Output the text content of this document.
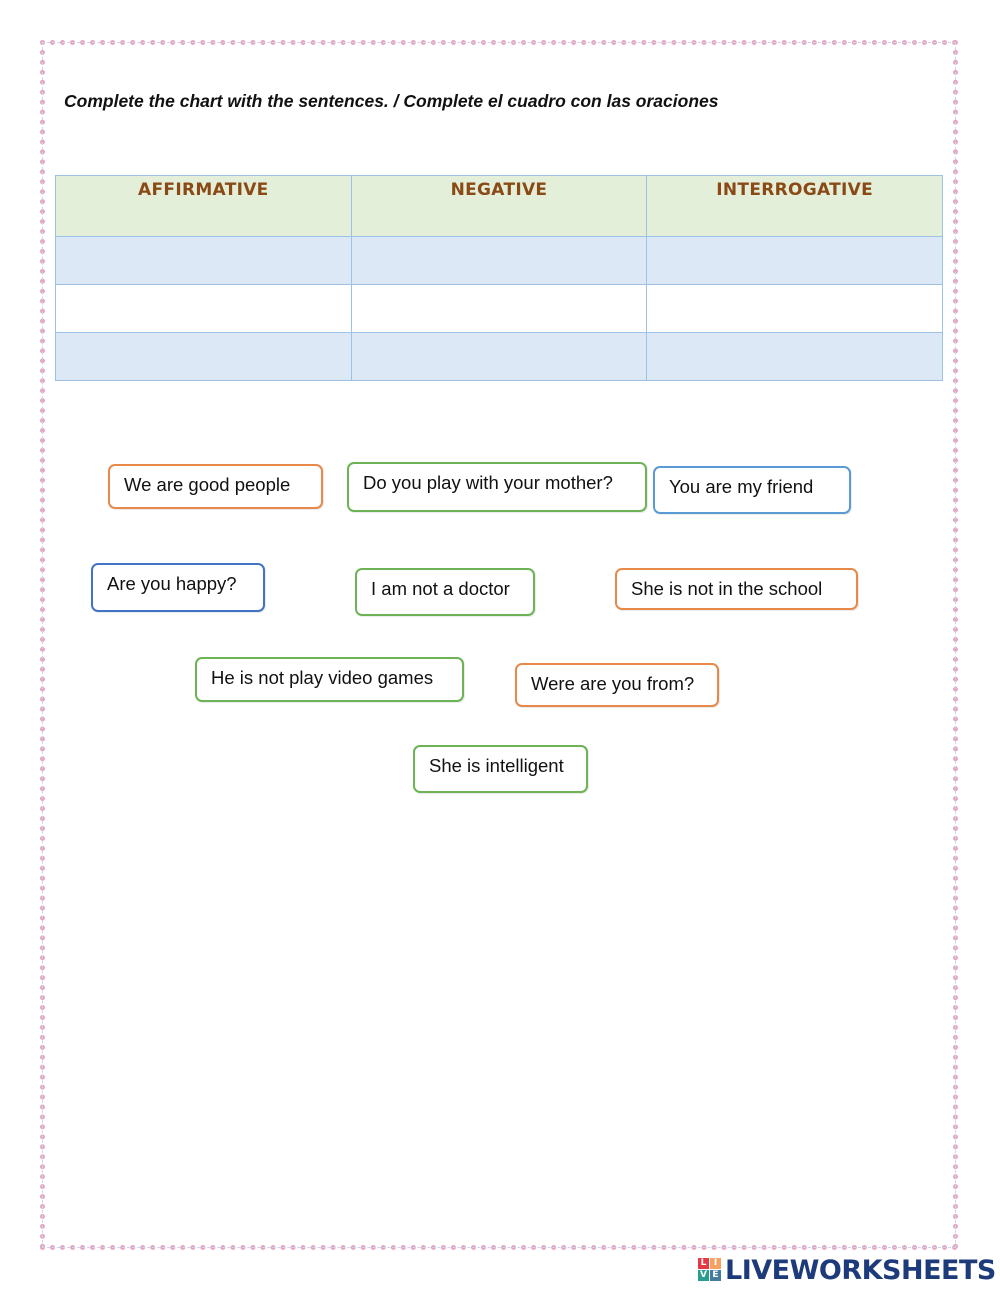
Complete the chart with the sentences. / Complete el cuadro con las oraciones
AFFIRMATIVE	NEGATIVE	INTERROGATIVE

We are good people	Do you play with your mother?	You are my friend
Are you happy?	I am not a doctor	She is not in the school
He is not play video games	Were are you from?
She is intelligent
L I
V E LIVEWORKSHEETS
